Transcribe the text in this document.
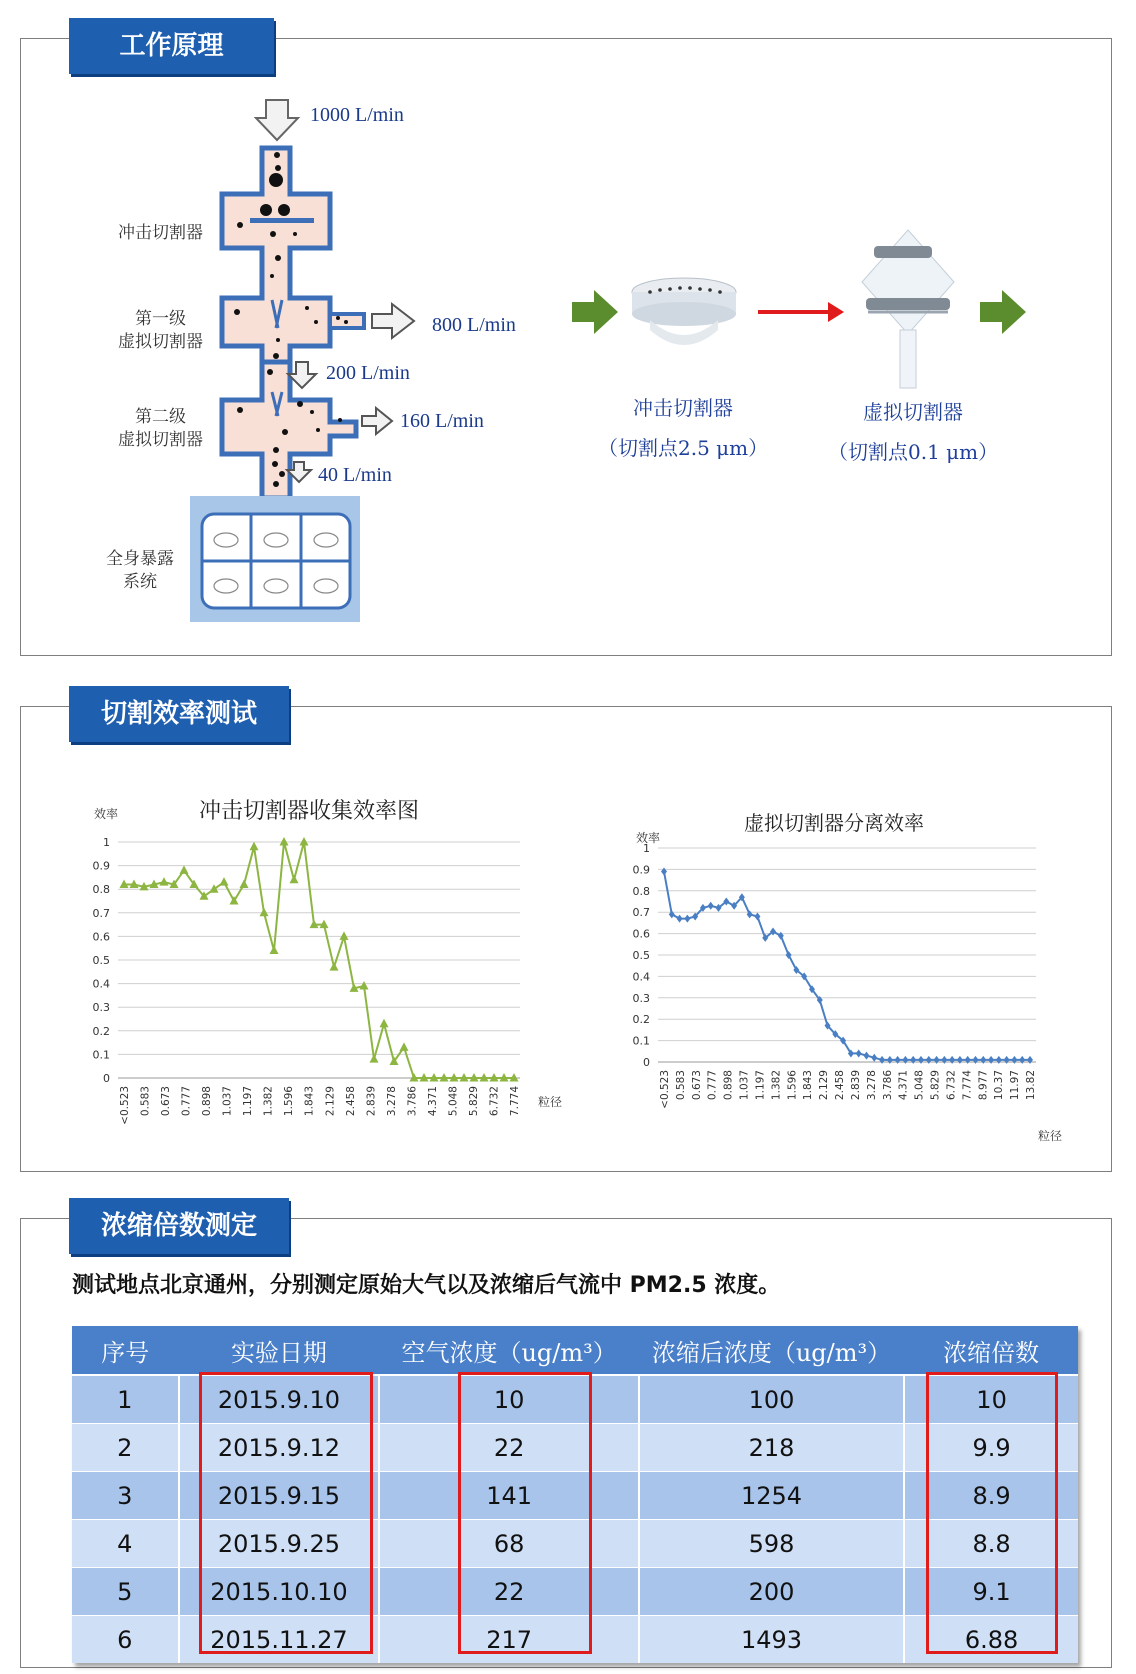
工作原理
1000 L/min
800 L/min
200 L/min
160 L/min
40 L/min
冲击切割器
第一级
虚拟切割器
第二级
虚拟切割器
全身暴露
系统
冲击切割器
（切割点2.5 μm）
虚拟切割器
（切割点0.1 μm）
切割效率测试
冲击切割器收集效率图
效率
粒径
0
0.1
0.2
0.3
0.4
0.5
0.6
0.7
0.8
0.9
1
<0.523 0.583 0.673 0.777 0.898 1.037 1.197 1.382 1.596 1.843 2.129 2.458 2.839 3.278 3.786 4.371 5.048 5.829 6.732 7.774
虚拟切割器分离效率
效率
粒径
0
0.1
0.2
0.3
0.4
0.5
0.6
0.7
0.8
0.9
1
<0.523 0.583 0.673 0.777 0.898 1.037 1.197 1.382 1.596 1.843 2.129 2.458 2.839 3.278 3.786 4.371 5.048 5.829 6.732 7.774 8.977 10.37 11.97 13.82
浓缩倍数测定
测试地点北京通州，分别测定原始大气以及浓缩后气流中 PM2.5 浓度。
序号	实验日期	空气浓度（ug/m³）	浓缩后浓度（ug/m³）	浓缩倍数
1	2015.9.10	10	100	10
2	2015.9.12	22	218	9.9
3	2015.9.15	141	1254	8.9
4	2015.9.25	68	598	8.8
5	2015.10.10	22	200	9.1
6	2015.11.27	217	1493	6.88
